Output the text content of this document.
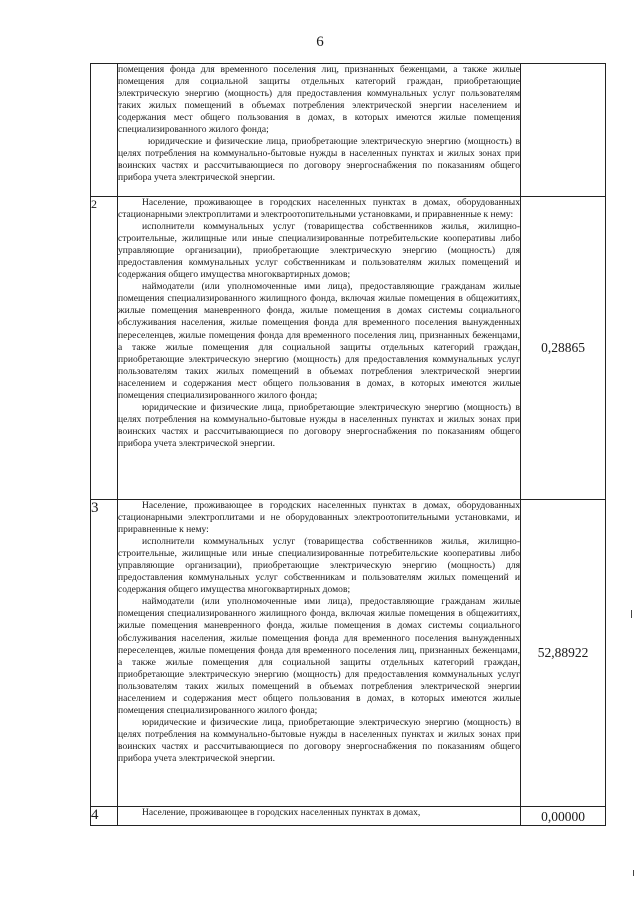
6

	помещения фонда для временного поселения лиц, признанных беженцами, а также жилые помещения для социальной защиты отдельных категорий граждан, приобретающие электрическую энергию (мощность) для предоставления коммунальных услуг пользователям таких жилых помещений в объемах потребления электрической энергии населением и содержания мест общего пользования в домах, в которых имеются жилые помещения специализированного жилого фонда;

юридические и физические лица, приобретающие электрическую энергию (мощность) в целях потребления на коммунально-бытовые нужды в населенных пунктах и жилых зонах при воинских частях и рассчитывающиеся по договору энергоснабжения по показаниям общего прибора учета электрической энергии.	

2	Население, проживающее в городских населенных пунктах в домах, оборудованных стационарными электроплитами и электроотопительными установками, и приравненные к нему:

исполнители коммунальных услуг (товарищества собственников жилья, жилищно-строительные, жилищные или иные специализированные потребительские кооперативы либо управляющие организации), приобретающие электрическую энергию (мощность) для предоставления коммунальных услуг собственникам и пользователям жилых помещений и содержания общего имущества многоквартирных домов;

наймодатели (или уполномоченные ими лица), предоставляющие гражданам жилые помещения специализированного жилищного фонда, включая жилые помещения в общежитиях, жилые помещения маневренного фонда, жилые помещения в домах системы социального обслуживания населения, жилые помещения фонда для временного поселения вынужденных переселенцев, жилые помещения фонда для временного поселения лиц, признанных беженцами, а также жилые помещения для социальной защиты отдельных категорий граждан, приобретающие электрическую энергию (мощность) для предоставления коммунальных услуг пользователям таких жилых помещений в объемах потребления электрической энергии населением и содержания мест общего пользования в домах, в которых имеются жилые помещения специализированного жилого фонда;

юридические и физические лица, приобретающие электрическую энергию (мощность) в целях потребления на коммунально-бытовые нужды в населенных пунктах и жилых зонах при воинских частях и рассчитывающиеся по договору энергоснабжения по показаниям общего прибора учета электрической энергии.	0,28865
3	Население, проживающее в городских населенных пунктах в домах, оборудованных стационарными электроплитами и не оборудованных электроотопительными установками, и приравненные к нему:

исполнители коммунальных услуг (товарищества собственников жилья, жилищно-строительные, жилищные или иные специализированные потребительские кооперативы либо управляющие организации), приобретающие электрическую энергию (мощность) для предоставления коммунальных услуг собственникам и пользователям жилых помещений и содержания общего имущества многоквартирных домов;

наймодатели (или уполномоченные ими лица), предоставляющие гражданам жилые помещения специализированного жилищного фонда, включая жилые помещения в общежитиях, жилые помещения маневренного фонда, жилые помещения в домах системы социального обслуживания населения, жилые помещения фонда для временного поселения вынужденных переселенцев, жилые помещения фонда для временного поселения лиц, признанных беженцами, а также жилые помещения для социальной защиты отдельных категорий граждан, приобретающие электрическую энергию (мощность) для предоставления коммунальных услуг пользователям таких жилых помещений в объемах потребления электрической энергии населением и содержания мест общего пользования в домах, в которых имеются жилые помещения специализированного жилого фонда;

юридические и физические лица, приобретающие электрическую энергию (мощность) в целях потребления на коммунально-бытовые нужды в населенных пунктах и жилых зонах при воинских частях и рассчитывающиеся по договору энергоснабжения по показаниям общего прибора учета электрической энергии.	52,88922
4	Население, проживающее в городских населенных пунктах в домах,	0,00000
